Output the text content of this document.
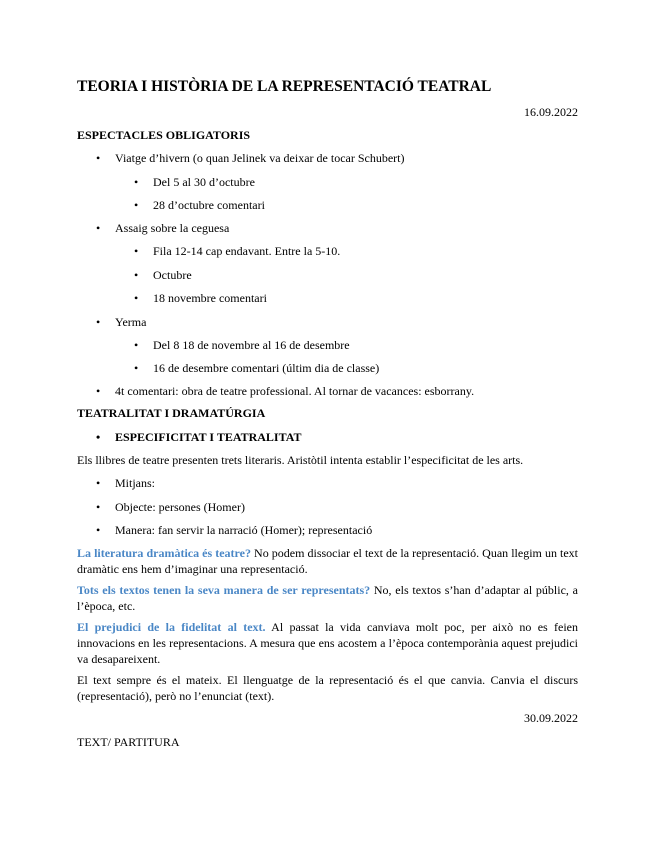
TEORIA I HISTÒRIA DE LA REPRESENTACIÓ TEATRAL
16.09.2022
ESPECTACLES OBLIGATORIS
• Viatge d’hivern (o quan Jelinek va deixar de tocar Schubert)
• Del 5 al 30 d’octubre
• 28 d’octubre comentari
• Assaig sobre la ceguesa
• Fila 12-14 cap endavant. Entre la 5-10.
• Octubre
• 18 novembre comentari
• Yerma
• Del 8 18 de novembre al 16 de desembre
• 16 de desembre comentari (últim dia de classe)
• 4t comentari: obra de teatre professional. Al tornar de vacances: esborrany.
TEATRALITAT I DRAMATÚRGIA
• ESPECIFICITAT I TEATRALITAT

Els llibres de teatre presenten trets literaris. Aristòtil intenta establir l’especificitat de les arts.

• Mitjans:
• Objecte: persones (Homer)
• Manera: fan servir la narració (Homer); representació

La literatura dramàtica és teatre? No podem dissociar el text de la representació. Quan llegim un text dramàtic ens hem d’imaginar una representació.

Tots els textos tenen la seva manera de ser representats? No, els textos s’han d’adaptar al públic, a l’època, etc.

El prejudici de la fidelitat al text. Al passat la vida canviava molt poc, per això no es feien innovacions en les representacions. A mesura que ens acostem a l’època contemporània aquest prejudici va desapareixent.

El text sempre és el mateix. El llenguatge de la representació és el que canvia. Canvia el discurs (representació), però no l’enunciat (text).

30.09.2022
TEXT/ PARTITURA
